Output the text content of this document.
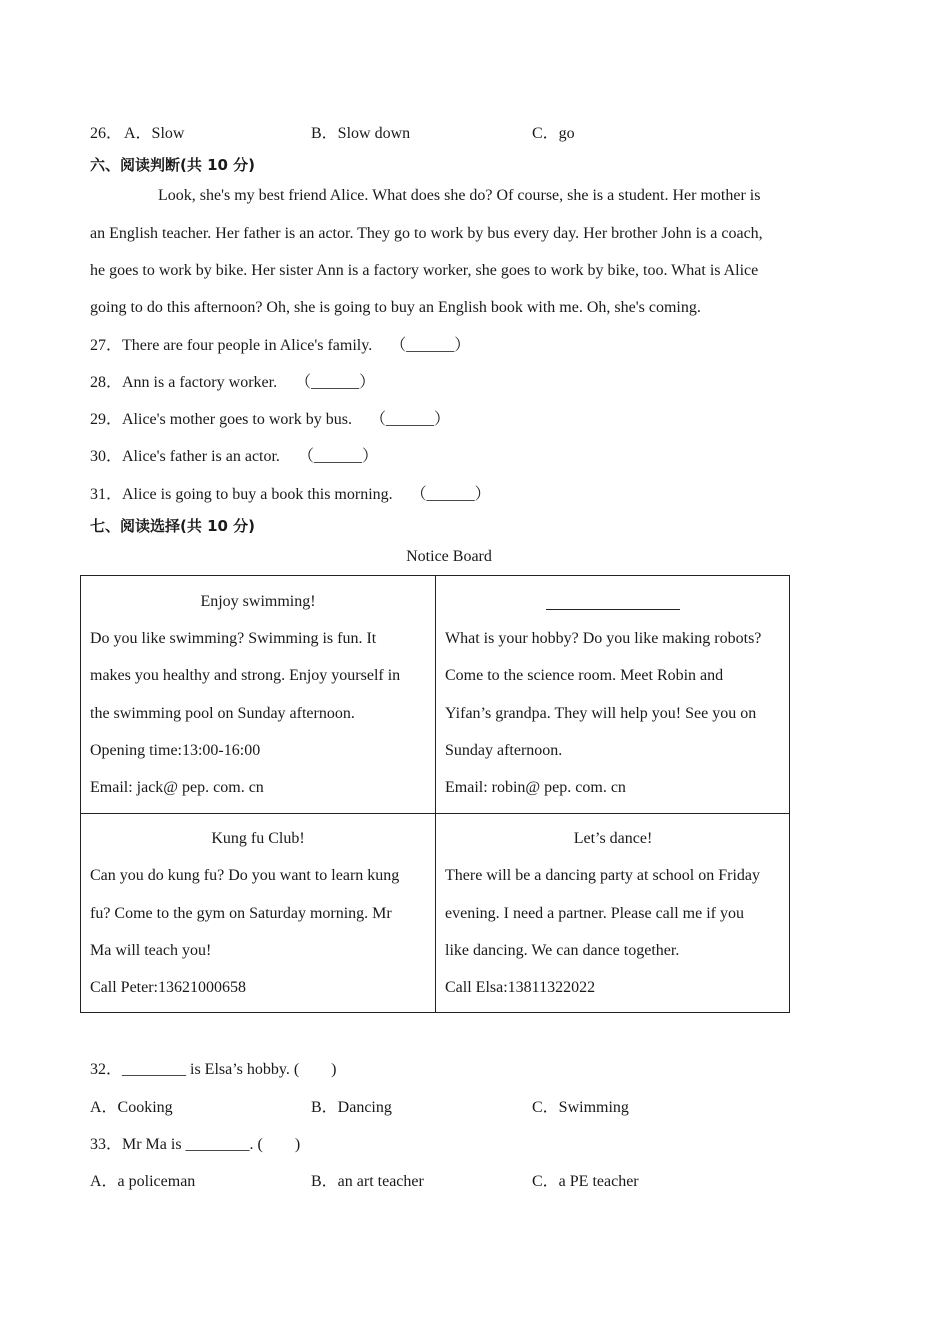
26． A．Slow	B．Slow down	C．go
六、阅读判断(共 10 分)
Look, she's my best friend Alice. What does she do? Of course, she is a student. Her mother is
an English teacher. Her father is an actor. They go to work by bus every day. Her brother John is a coach,
he goes to work by bike. Her sister Ann is a factory worker, she goes to work by bike, too. What is Alice
going to do this afternoon? Oh, she is going to buy an English book with me. Oh, she's coming.
27．There are four people in Alice's family. （______）
28．Ann is a factory worker. （______）
29．Alice's mother goes to work by bus. （______）
30．Alice's father is an actor. （______）
31．Alice is going to buy a book this morning. （______）
七、阅读选择(共 10 分)
Notice Board
Enjoy swimming!
Do you like swimming? Swimming is fun. It
makes you healthy and strong. Enjoy yourself in
the swimming pool on Sunday afternoon.
Opening time:13:00-16:00
Email: jack@ pep. com. cn
What is your hobby? Do you like making robots?
Come to the science room. Meet Robin and
Yifan’s grandpa. They will help you! See you on
Sunday afternoon.
Email: robin@ pep. com. cn
Kung fu Club!
Can you do kung fu? Do you want to learn kung
fu? Come to the gym on Saturday morning. Mr
Ma will teach you!
Call Peter:13621000658
Let’s dance!
There will be a dancing party at school on Friday
evening. I need a partner. Please call me if you
like dancing. We can dance together.
Call Elsa:13811322022
32．________ is Elsa’s hobby. (　　)
A．Cooking	B．Dancing	C．Swimming
33．Mr Ma is ________. (　　)
A．a policeman	B．an art teacher	C．a PE teacher
